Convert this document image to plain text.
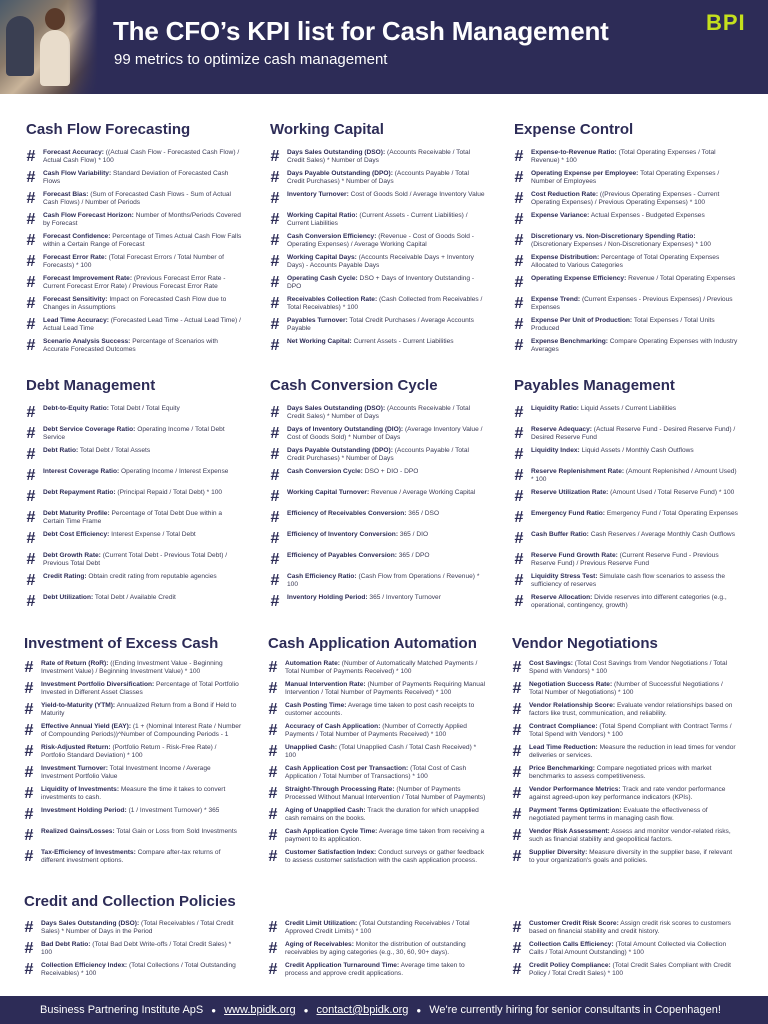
The CFO’s KPI list for Cash Management
99 metrics to optimize cash management
BPI
Cash Flow Forecasting
#	Forecast Accuracy: ((Actual Cash Flow - Forecasted Cash Flow) / Actual Cash Flow) * 100
#	Cash Flow Variability: Standard Deviation of Forecasted Cash Flows
#	Forecast Bias: (Sum of Forecasted Cash Flows - Sum of Actual Cash Flows) / Number of Periods
#	Cash Flow Forecast Horizon: Number of Months/Periods Covered by Forecast
#	Forecast Confidence: Percentage of Times Actual Cash Flow Falls within a Certain Range of Forecast
#	Forecast Error Rate: (Total Forecast Errors / Total Number of Forecasts) * 100
#	Forecast Improvement Rate: (Previous Forecast Error Rate - Current Forecast Error Rate) / Previous Forecast Error Rate
#	Forecast Sensitivity: Impact on Forecasted Cash Flow due to Changes in Assumptions
#	Lead Time Accuracy: (Forecasted Lead Time - Actual Lead Time) / Actual Lead Time
#	Scenario Analysis Success: Percentage of Scenarios with Accurate Forecasted Outcomes
Working Capital
#	Days Sales Outstanding (DSO): (Accounts Receivable / Total Credit Sales) * Number of Days
#	Days Payable Outstanding (DPO): (Accounts Payable / Total Credit Purchases) * Number of Days
#	Inventory Turnover: Cost of Goods Sold / Average Inventory Value
#	Working Capital Ratio: (Current Assets - Current Liabilities) / Current Liabilities
#	Cash Conversion Efficiency: (Revenue - Cost of Goods Sold - Operating Expenses) / Average Working Capital
#	Working Capital Days: (Accounts Receivable Days + Inventory Days) - Accounts Payable Days
#	Operating Cash Cycle: DSO + Days of Inventory Outstanding - DPO
#	Receivables Collection Rate: (Cash Collected from Receivables / Total Receivables) * 100
#	Payables Turnover: Total Credit Purchases / Average Accounts Payable
#	Net Working Capital: Current Assets - Current Liabilities
Expense Control
#	Expense-to-Revenue Ratio: (Total Operating Expenses / Total Revenue) * 100
#	Operating Expense per Employee: Total Operating Expenses / Number of Employees
#	Cost Reduction Rate: ((Previous Operating Expenses - Current Operating Expenses) / Previous Operating Expenses) * 100
#	Expense Variance: Actual Expenses - Budgeted Expenses
#	Discretionary vs. Non-Discretionary Spending Ratio: (Discretionary Expenses / Non-Discretionary Expenses) * 100
#	Expense Distribution: Percentage of Total Operating Expenses Allocated to Various Categories
#	Operating Expense Efficiency: Revenue / Total Operating Expenses
#	Expense Trend: (Current Expenses - Previous Expenses) / Previous Expenses
#	Expense Per Unit of Production: Total Expenses / Total Units Produced
#	Expense Benchmarking: Compare Operating Expenses with Industry Averages
Debt Management
#	Debt-to-Equity Ratio: Total Debt / Total Equity
#	Debt Service Coverage Ratio: Operating Income / Total Debt Service
#	Debt Ratio: Total Debt / Total Assets
#	Interest Coverage Ratio: Operating Income / Interest Expense
#	Debt Repayment Ratio: (Principal Repaid / Total Debt) * 100
#	Debt Maturity Profile: Percentage of Total Debt Due within a Certain Time Frame
#	Debt Cost Efficiency: Interest Expense / Total Debt
#	Debt Growth Rate: (Current Total Debt - Previous Total Debt) / Previous Total Debt
#	Credit Rating: Obtain credit rating from reputable agencies
#	Debt Utilization: Total Debt / Available Credit
Cash Conversion Cycle
#	Days Sales Outstanding (DSO): (Accounts Receivable / Total Credit Sales) * Number of Days
#	Days of Inventory Outstanding (DIO): (Average Inventory Value / Cost of Goods Sold) * Number of Days
#	Days Payable Outstanding (DPO): (Accounts Payable / Total Credit Purchases) * Number of Days
#	Cash Conversion Cycle: DSO + DIO - DPO
#	Working Capital Turnover: Revenue / Average Working Capital
#	Efficiency of Receivables Conversion: 365 / DSO
#	Efficiency of Inventory Conversion: 365 / DIO
#	Efficiency of Payables Conversion: 365 / DPO
#	Cash Efficiency Ratio: (Cash Flow from Operations / Revenue) * 100
#	Inventory Holding Period: 365 / Inventory Turnover
Payables Management
#	Liquidity Ratio: Liquid Assets / Current Liabilities
#	Reserve Adequacy: (Actual Reserve Fund - Desired Reserve Fund) / Desired Reserve Fund
#	Liquidity Index: Liquid Assets / Monthly Cash Outflows
#	Reserve Replenishment Rate: (Amount Replenished / Amount Used) * 100
#	Reserve Utilization Rate: (Amount Used / Total Reserve Fund) * 100
#	Emergency Fund Ratio: Emergency Fund / Total Operating Expenses
#	Cash Buffer Ratio: Cash Reserves / Average Monthly Cash Outflows
#	Reserve Fund Growth Rate: (Current Reserve Fund - Previous Reserve Fund) / Previous Reserve Fund
#	Liquidity Stress Test: Simulate cash flow scenarios to assess the sufficiency of reserves
#	Reserve Allocation: Divide reserves into different categories (e.g., operational, contingency, growth)
Investment of Excess Cash
#	Rate of Return (RoR): ((Ending Investment Value - Beginning Investment Value) / Beginning Investment Value) * 100
#	Investment Portfolio Diversification: Percentage of Total Portfolio Invested in Different Asset Classes
#	Yield-to-Maturity (YTM): Annualized Return from a Bond if Held to Maturity
#	Effective Annual Yield (EAY): (1 + (Nominal Interest Rate / Number of Compounding Periods))^Number of Compounding Periods - 1
#	Risk-Adjusted Return: (Portfolio Return - Risk-Free Rate) / Portfolio Standard Deviation) * 100
#	Investment Turnover: Total Investment Income / Average Investment Portfolio Value
#	Liquidity of Investments: Measure the time it takes to convert investments to cash.
#	Investment Holding Period: (1 / Investment Turnover) * 365
#	Realized Gains/Losses: Total Gain or Loss from Sold Investments
#	Tax-Efficiency of Investments: Compare after-tax returns of different investment options.
Cash Application Automation
#	Automation Rate: (Number of Automatically Matched Payments / Total Number of Payments Received) * 100
#	Manual Intervention Rate: (Number of Payments Requiring Manual Intervention / Total Number of Payments Received) * 100
#	Cash Posting Time: Average time taken to post cash receipts to customer accounts.
#	Accuracy of Cash Application: (Number of Correctly Applied Payments / Total Number of Payments Received) * 100
#	Unapplied Cash: (Total Unapplied Cash / Total Cash Received) * 100
#	Cash Application Cost per Transaction: (Total Cost of Cash Application / Total Number of Transactions) * 100
#	Straight-Through Processing Rate: (Number of Payments Processed Without Manual Intervention / Total Number of Payments)
#	Aging of Unapplied Cash: Track the duration for which unapplied cash remains on the books.
#	Cash Application Cycle Time: Average time taken from receiving a payment to its application.
#	Customer Satisfaction Index: Conduct surveys or gather feedback to assess customer satisfaction with the cash application process.
Vendor Negotiations
#	Cost Savings: (Total Cost Savings from Vendor Negotiations / Total Spend with Vendors) * 100
#	Negotiation Success Rate: (Number of Successful Negotiations / Total Number of Negotiations) * 100
#	Vendor Relationship Score: Evaluate vendor relationships based on factors like trust, communication, and reliability.
#	Contract Compliance: (Total Spend Compliant with Contract Terms / Total Spend with Vendors) * 100
#	Lead Time Reduction: Measure the reduction in lead times for vendor deliveries or services.
#	Price Benchmarking: Compare negotiated prices with market benchmarks to assess competitiveness.
#	Vendor Performance Metrics: Track and rate vendor performance against agreed-upon key performance indicators (KPIs).
#	Payment Terms Optimization: Evaluate the effectiveness of negotiated payment terms in managing cash flow.
#	Vendor Risk Assessment: Assess and monitor vendor-related risks, such as financial stability and geopolitical factors.
#	Supplier Diversity: Measure diversity in the supplier base, if relevant to your organization's goals and policies.
Credit and Collection Policies
#	Days Sales Outstanding (DSO): (Total Receivables / Total Credit Sales) * Number of Days in the Period
#	Bad Debt Ratio: (Total Bad Debt Write-offs / Total Credit Sales) * 100
#	Collection Efficiency Index: (Total Collections / Total Outstanding Receivables) * 100
#	Credit Limit Utilization: (Total Outstanding Receivables / Total Approved Credit Limits) * 100
#	Aging of Receivables: Monitor the distribution of outstanding receivables by aging categories (e.g., 30, 60, 90+ days).
#	Credit Application Turnaround Time: Average time taken to process and approve credit applications.
#	Customer Credit Risk Score: Assign credit risk scores to customers based on financial stability and credit history.
#	Collection Calls Efficiency: (Total Amount Collected via Collection Calls / Total Amount Outstanding) * 100
#	Credit Policy Compliance: (Total Credit Sales Compliant with Credit Policy / Total Credit Sales) * 100
Business Partnering Institute ApS ● www.bpidk.org ● contact@bpidk.org ● We're currently hiring for senior consultants in Copenhagen!
